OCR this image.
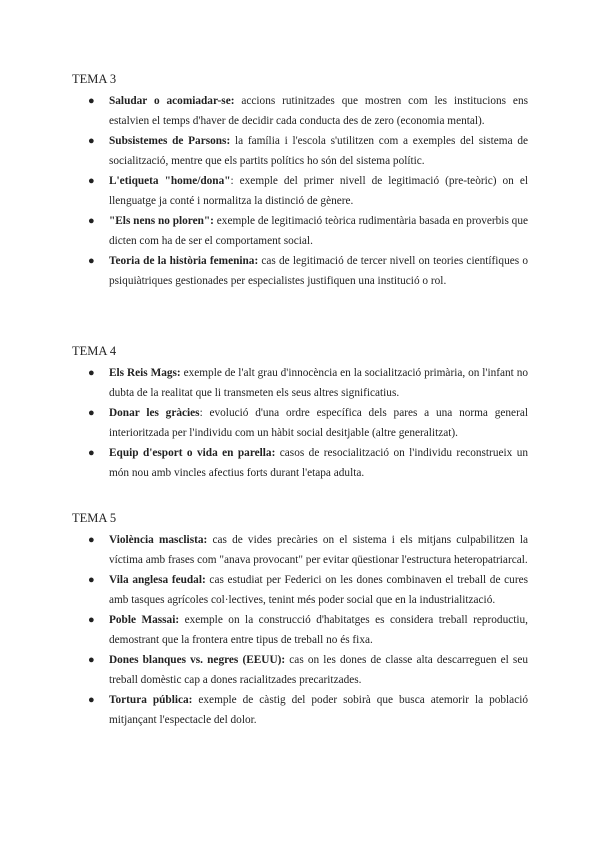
TEMA 3

● Saludar o acomiadar-se: accions rutinitzades que mostren com les institucions ens estalvien el temps d'haver de decidir cada conducta des de zero (economia mental).
● Subsistemes de Parsons: la família i l'escola s'utilitzen com a exemples del sistema de socialització, mentre que els partits polítics ho són del sistema polític.
● L'etiqueta "home/dona": exemple del primer nivell de legitimació (pre-teòric) on el llenguatge ja conté i normalitza la distinció de gènere.
● "Els nens no ploren": exemple de legitimació teòrica rudimentària basada en proverbis que dicten com ha de ser el comportament social.
● Teoria de la història femenina: cas de legitimació de tercer nivell on teories científiques o psiquiàtriques gestionades per especialistes justifiquen una institució o rol.

TEMA 4

● Els Reis Mags: exemple de l'alt grau d'innocència en la socialització primària, on l'infant no dubta de la realitat que li transmeten els seus altres significatius.
● Donar les gràcies: evolució d'una ordre específica dels pares a una norma general interioritzada per l'individu com un hàbit social desitjable (altre generalitzat).
● Equip d'esport o vida en parella: casos de resocialització on l'individu reconstrueix un món nou amb vincles afectius forts durant l'etapa adulta.

TEMA 5

● Violència masclista: cas de vides precàries on el sistema i els mitjans culpabilitzen la víctima amb frases com "anava provocant" per evitar qüestionar l'estructura heteropatriarcal.
● Vila anglesa feudal: cas estudiat per Federici on les dones combinaven el treball de cures amb tasques agrícoles col·lectives, tenint més poder social que en la industrialització.
● Poble Massai: exemple on la construcció d'habitatges es considera treball reproductiu, demostrant que la frontera entre tipus de treball no és fixa.
● Dones blanques vs. negres (EEUU): cas on les dones de classe alta descarreguen el seu treball domèstic cap a dones racialitzades precaritzades.
● Tortura pública: exemple de càstig del poder sobirà que busca atemorir la població mitjançant l'espectacle del dolor.
